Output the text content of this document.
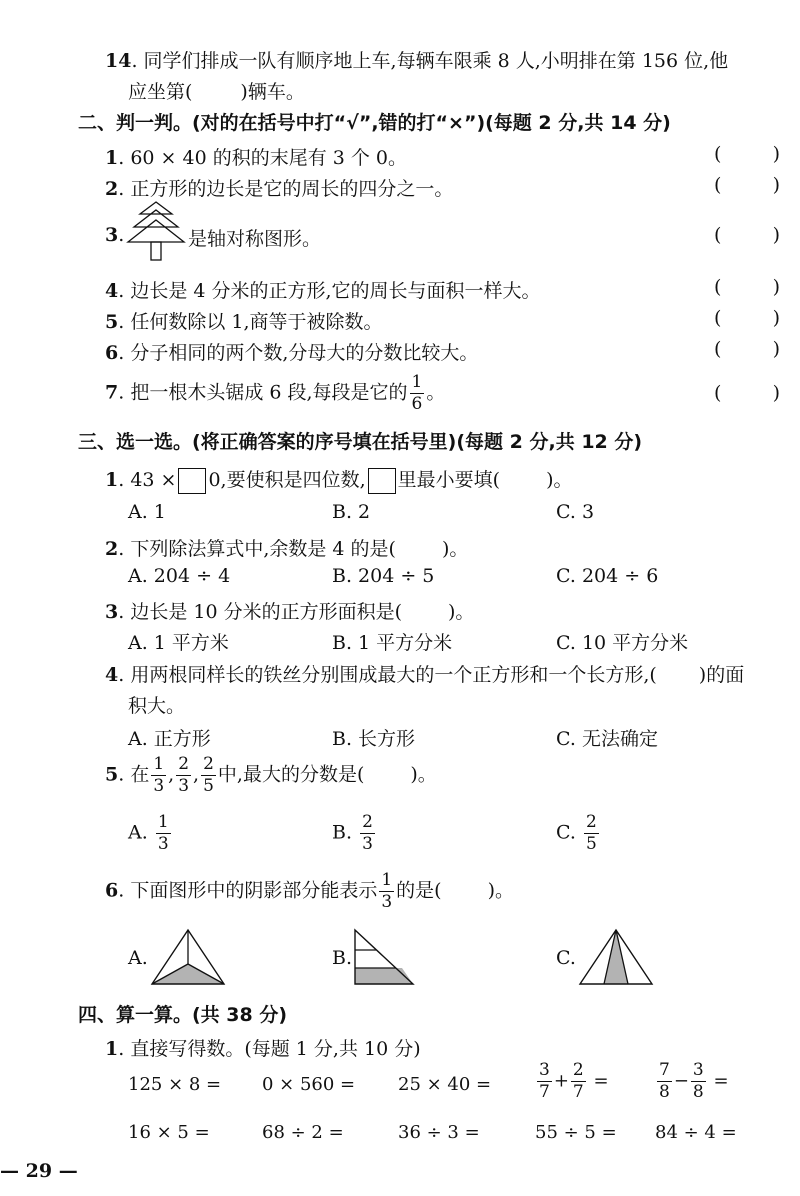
14. 同学们排成一队有顺序地上车,每辆车限乘 8 人,小明排在第 156 位,他
应坐第(	)辆车。
二、判一判。(对的在括号中打“√”,错的打“×”)(每题 2 分,共 14 分)
1. 60 × 40 的积的末尾有 3 个 0。	(	)
2. 正方形的边长是它的周长的四分之一。	(	)
3.	是轴对称图形。	(	)
4. 边长是 4 分米的正方形,它的周长与面积一样大。	(	)
5. 任何数除以 1,商等于被除数。	(	)
6. 分子相同的两个数,分母大的分数比较大。	(	)
7. 把一根木头锯成 6 段,每段是它的 $\frac{1}{6}$ 。	(	)
三、选一选。(将正确答案的序号填在括号里)(每题 2 分,共 12 分)
1. 43 × 0,要使积是四位数, 里最小要填( )。
A. 1	B. 2	C. 3
2. 下列除法算式中,余数是 4 的是( )。
A. 204 ÷ 4	B. 204 ÷ 5	C. 204 ÷ 6
3. 边长是 10 分米的正方形面积是( )。
A. 1 平方米	B. 1 平方分米	C. 10 平方分米
4. 用两根同样长的铁丝分别围成最大的一个正方形和一个长方形,( )的面
积大。
A. 正方形	B. 长方形	C. 无法确定
5. 在 $\frac{1}{3}$ , $\frac{2}{3}$ , $\frac{2}{5}$ 中,最大的分数是( )。
A. $\frac{1}{3}$	B. $\frac{2}{3}$	C. $\frac{2}{5}$
6. 下面图形中的阴影部分能表示 $\frac{1}{3}$ 的是( )。
A.	B.	C.
四、算一算。(共 38 分)
1. 直接写得数。(每题 1 分,共 10 分)
125 × 8 = 0 × 560 = 25 × 40 =	$\frac{3}{7} + \frac{2}{7}$ =	$\frac{7}{8} - \frac{3}{8}$ =
16 × 5 =	68 ÷ 2 =	36 ÷ 3 =	55 ÷ 5 = 84 ÷ 4 =
— 29 —
